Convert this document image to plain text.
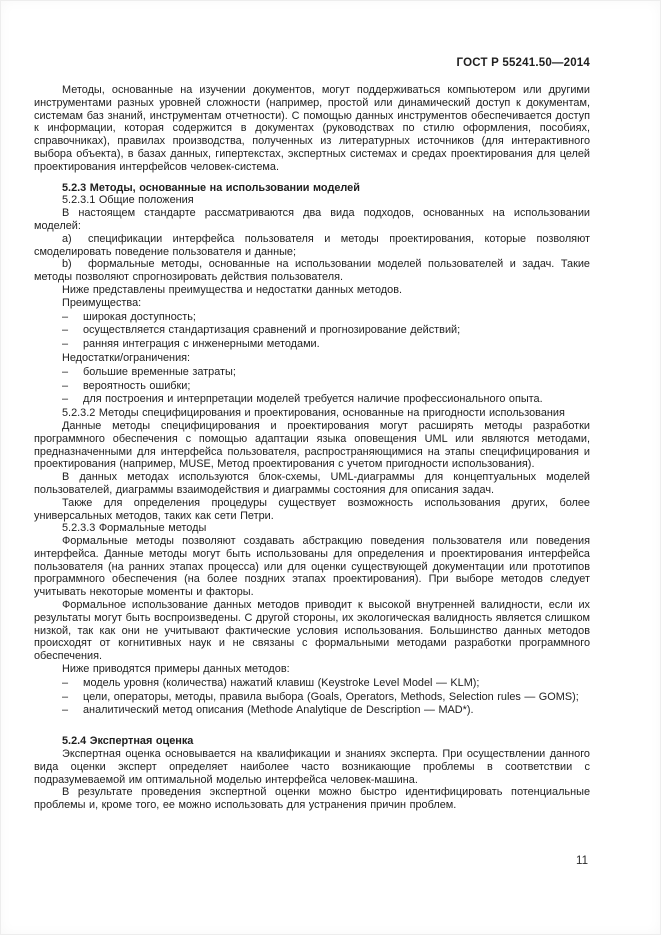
ГОСТ Р 55241.50—2014

Методы, основанные на изучении документов, могут поддерживаться компьютером или другими инструментами разных уровней сложности (например, простой или динамический доступ к документам, системам баз знаний, инструментам отчетности). С помощью данных инструментов обеспечивается доступ к информации, которая содержится в документах (руководствах по стилю оформления, пособиях, справочниках), правилах производства, полученных из литературных источников (для интерактивного выбора объекта), в базах данных, гипертекстах, экспертных системах и средах проектирования для целей проектирования интерфейсов человек-система.

5.2.3 Методы, основанные на использовании моделей

5.2.3.1 Общие положения

В настоящем стандарте рассматриваются два вида подходов, основанных на использовании моделей:

a) спецификации интерфейса пользователя и методы проектирования, которые позволяют смоделировать поведение пользователя и данные;

b) формальные методы, основанные на использовании моделей пользователей и задач. Такие методы позволяют спрогнозировать действия пользователя.

Ниже представлены преимущества и недостатки данных методов.

Преимущества:

– широкая доступность;

– осуществляется стандартизация сравнений и прогнозирование действий;

– ранняя интеграция с инженерными методами.

Недостатки/ограничения:

– большие временные затраты;

– вероятность ошибки;

– для построения и интерпретации моделей требуется наличие профессионального опыта.

5.2.3.2 Методы специфицирования и проектирования, основанные на пригодности использования

Данные методы специфицирования и проектирования могут расширять методы разработки программного обеспечения с помощью адаптации языка оповещения UML или являются методами, предназначенными для интерфейса пользователя, распространяющимися на этапы специфицирования и проектирования (например, MUSE, Метод проектирования с учетом пригодности использования).

В данных методах используются блок-схемы, UML-диаграммы для концептуальных моделей пользователей, диаграммы взаимодействия и диаграммы состояния для описания задач.

Также для определения процедуры существует возможность использования других, более универсальных методов, таких как сети Петри.

5.2.3.3 Формальные методы

Формальные методы позволяют создавать абстракцию поведения пользователя или поведения интерфейса. Данные методы могут быть использованы для определения и проектирования интерфейса пользователя (на ранних этапах процесса) или для оценки существующей документации или прототипов программного обеспечения (на более поздних этапах проектирования). При выборе методов следует учитывать некоторые моменты и факторы.

Формальное использование данных методов приводит к высокой внутренней валидности, если их результаты могут быть воспроизведены. С другой стороны, их экологическая валидность является слишком низкой, так как они не учитывают фактические условия использования. Большинство данных методов происходят от когнитивных наук и не связаны с формальными методами разработки программного обеспечения.

Ниже приводятся примеры данных методов:

– модель уровня (количества) нажатий клавиш (Keystroke Level Model — KLM);

– цели, операторы, методы, правила выбора (Goals, Operators, Methods, Selection rules — GOMS);

– аналитический метод описания (Methode Analytique de Description — MAD*).

5.2.4 Экспертная оценка

Экспертная оценка основывается на квалификации и знаниях эксперта. При осуществлении данного вида оценки эксперт определяет наиболее часто возникающие проблемы в соответствии с подразумеваемой им оптимальной моделью интерфейса человек-машина.

В результате проведения экспертной оценки можно быстро идентифицировать потенциальные проблемы и, кроме того, ее можно использовать для устранения причин проблем.

11
